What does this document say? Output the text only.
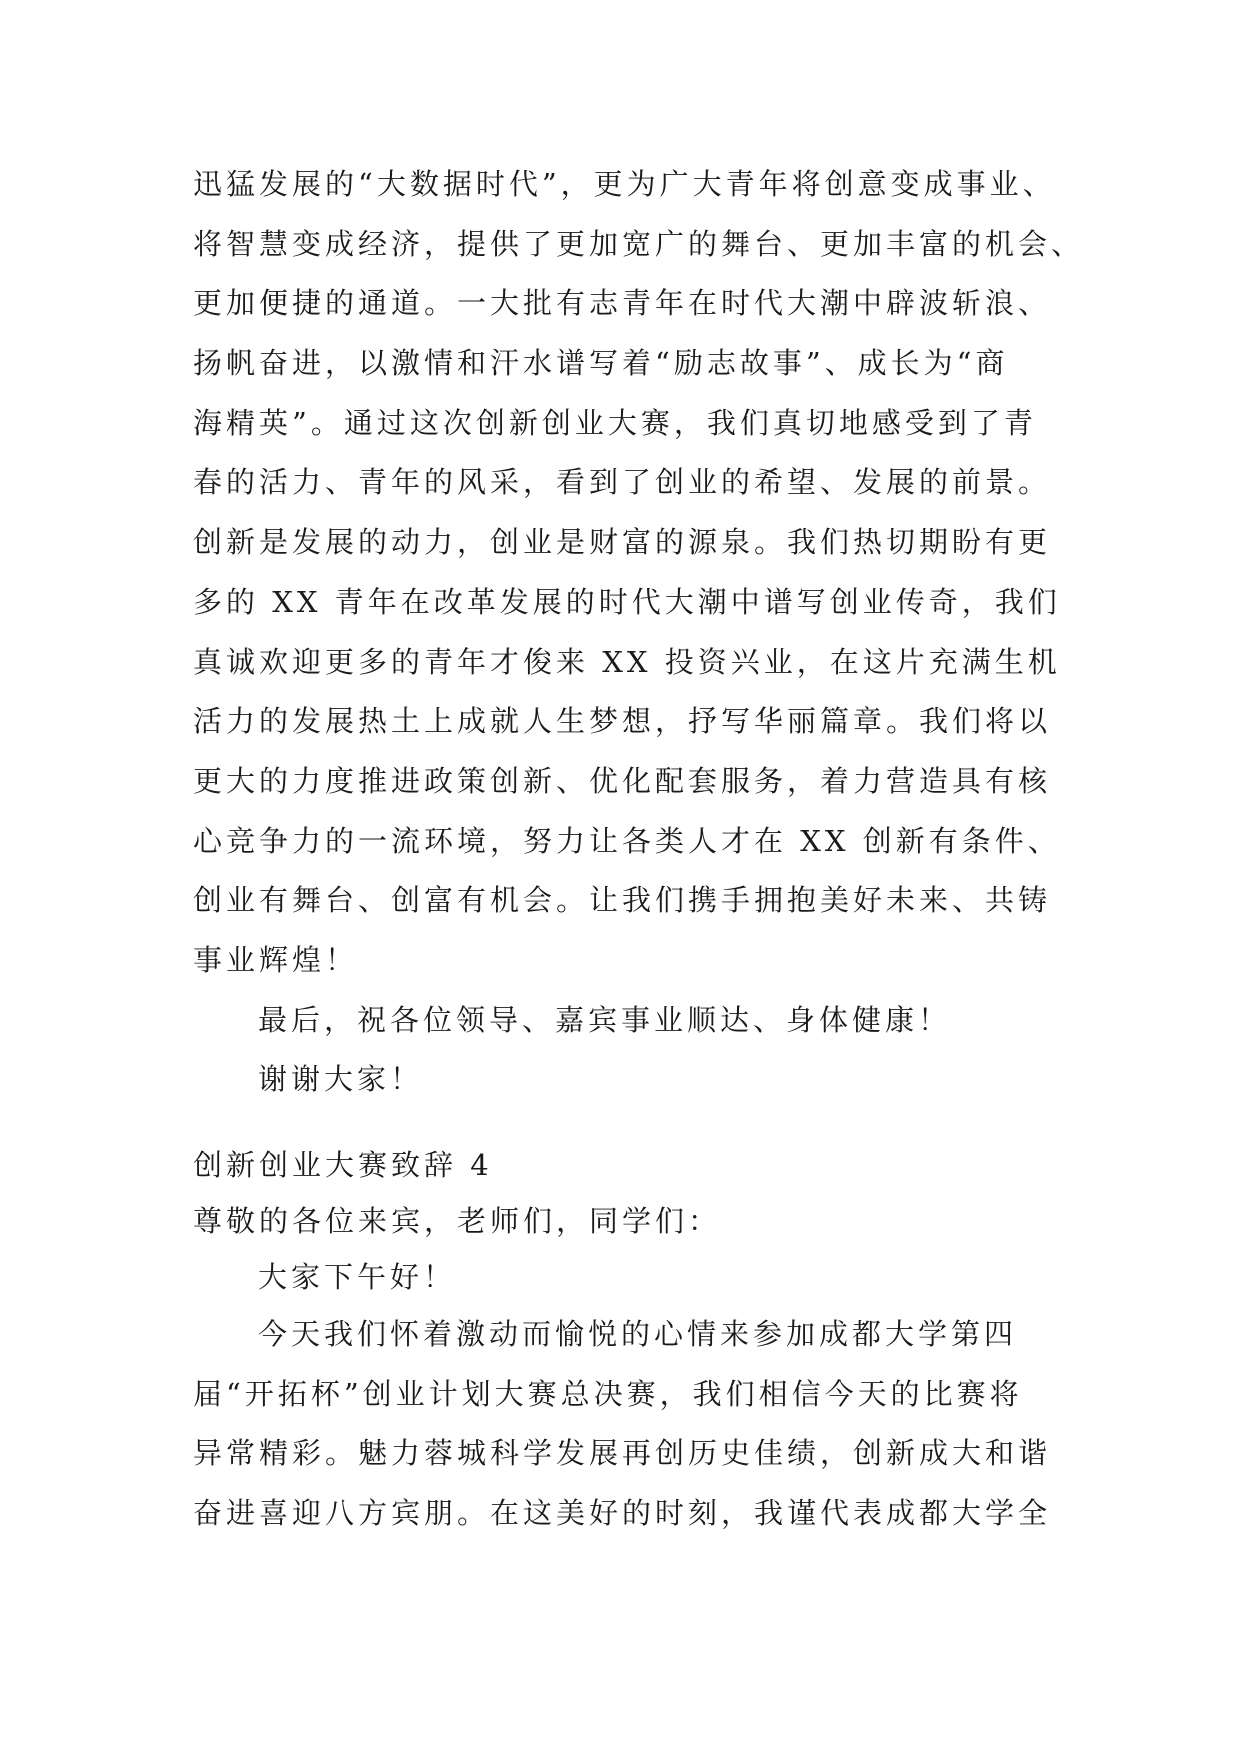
迅猛发展的“大数据时代”，更为广大青年将创意变成事业、
将智慧变成经济，提供了更加宽广的舞台、更加丰富的机会、
更加便捷的通道。一大批有志青年在时代大潮中辟波斩浪、
扬帆奋进，以激情和汗水谱写着“励志故事”、成长为“商
海精英”。通过这次创新创业大赛，我们真切地感受到了青
春的活力、青年的风采，看到了创业的希望、发展的前景。
创新是发展的动力，创业是财富的源泉。我们热切期盼有更
多的 XX 青年在改革发展的时代大潮中谱写创业传奇，我们
真诚欢迎更多的青年才俊来 XX 投资兴业，在这片充满生机
活力的发展热土上成就人生梦想，抒写华丽篇章。我们将以
更大的力度推进政策创新、优化配套服务，着力营造具有核
心竞争力的一流环境，努力让各类人才在 XX 创新有条件、
创业有舞台、创富有机会。让我们携手拥抱美好未来、共铸
事业辉煌！
最后，祝各位领导、嘉宾事业顺达、身体健康！
谢谢大家！
创新创业大赛致辞 4
尊敬的各位来宾，老师们，同学们：
大家下午好！
今天我们怀着激动而愉悦的心情来参加成都大学第四
届“开拓杯”创业计划大赛总决赛，我们相信今天的比赛将
异常精彩。魅力蓉城科学发展再创历史佳绩，创新成大和谐
奋进喜迎八方宾朋。在这美好的时刻，我谨代表成都大学全
